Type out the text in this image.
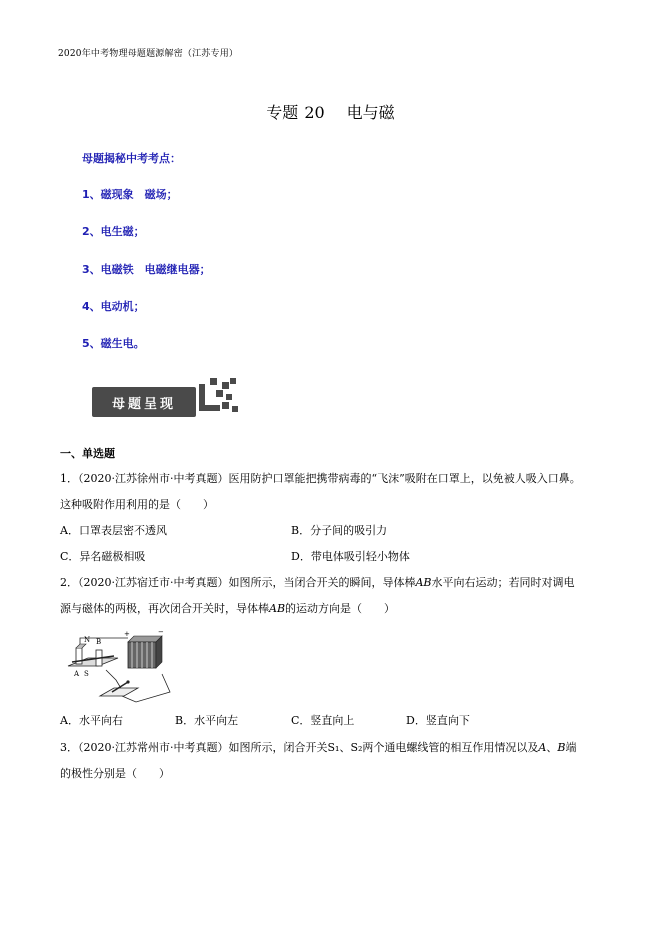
2020年中考物理母题题源解密（江苏专用）
专题 20 电与磁
母题揭秘中考考点：
1、磁现象　磁场；
2、电生磁；
3、电磁铁　电磁继电器；
4、电动机；
5、磁生电。
母题呈现
一、单选题
1．（2020·江苏徐州市·中考真题）医用防护口罩能把携带病毒的“飞沫”吸附在口罩上，以免被人吸入口鼻。
这种吸附作用利用的是（　　）
A．口罩表层密不透风	B．分子间的吸引力
C．异名磁极相吸	D．带电体吸引轻小物体
2．（2020·江苏宿迁市·中考真题）如图所示，当闭合开关的瞬间，导体棒AB水平向右运动；若同时对调电
源与磁体的两极，再次闭合开关时，导体棒AB的运动方向是（　　）
N B
A S
+	−
A．水平向右	B．水平向左	C．竖直向上	D．竖直向下
3．（2020·江苏常州市·中考真题）如图所示，闭合开关S₁、S₂两个通电螺线管的相互作用情况以及A、B端
的极性分别是（　　）
